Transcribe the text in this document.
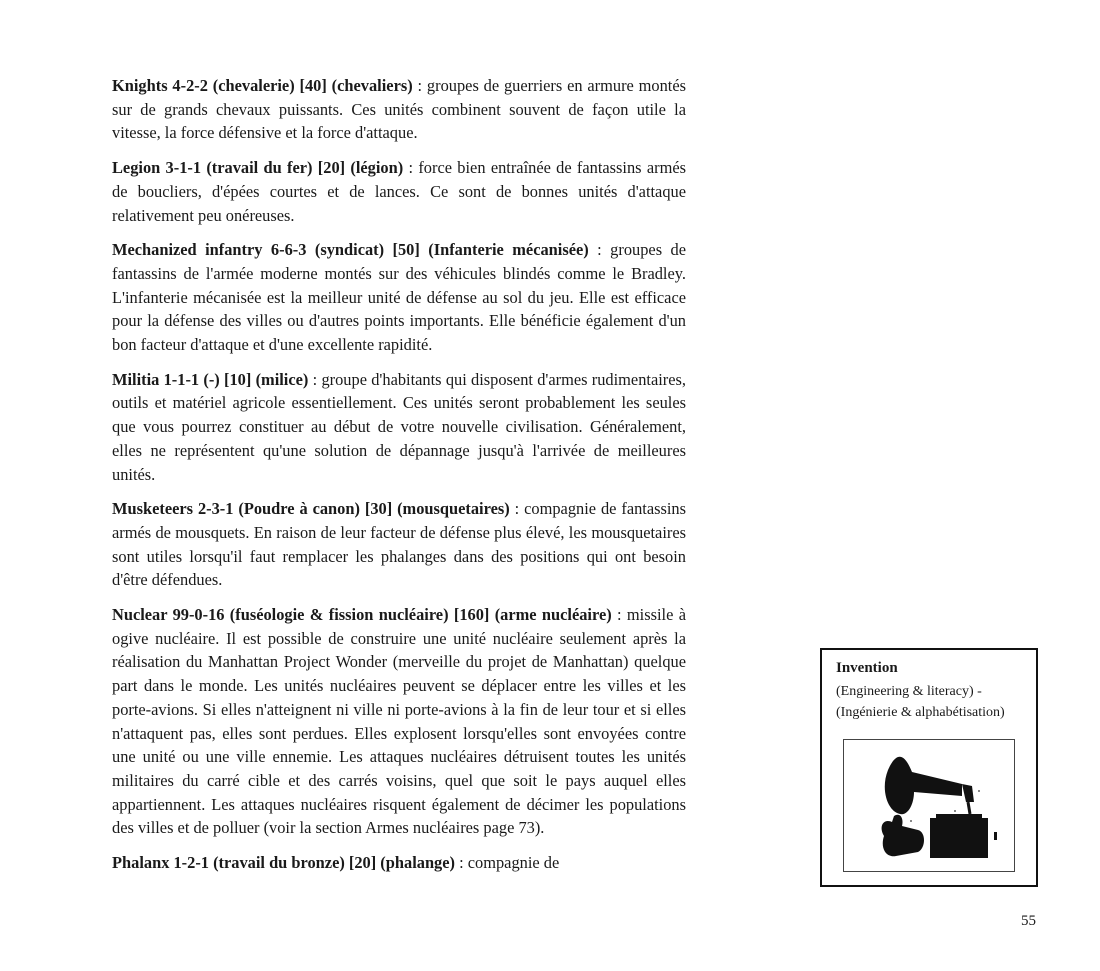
Knights 4-2-2 (chevalerie) [40] (chevaliers) : groupes de guerriers en armure montés sur de grands chevaux puissants. Ces unités combinent souvent de façon utile la vitesse, la force défensive et la force d'attaque.

Legion 3-1-1 (travail du fer) [20] (légion) : force bien entraînée de fantassins armés de boucliers, d'épées courtes et de lances. Ce sont de bonnes unités d'attaque relativement peu onéreuses.

Mechanized infantry 6-6-3 (syndicat) [50] (Infanterie mécanisée) : groupes de fantassins de l'armée moderne montés sur des véhicules blindés comme le Bradley. L'infanterie mécanisée est la meilleur unité de défense au sol du jeu. Elle est efficace pour la défense des villes ou d'autres points importants. Elle bénéficie également d'un bon facteur d'attaque et d'une excellente rapidité.

Militia 1-1-1 (-) [10] (milice) : groupe d'habitants qui disposent d'armes rudimentaires, outils et matériel agricole essentiellement. Ces unités seront probablement les seules que vous pourrez constituer au début de votre nouvelle civilisation. Généralement, elles ne représentent qu'une solution de dépannage jusqu'à l'arrivée de meilleures unités.

Musketeers 2-3-1 (Poudre à canon) [30] (mousquetaires) : compagnie de fantassins armés de mousquets. En raison de leur facteur de défense plus élevé, les mousquetaires sont utiles lorsqu'il faut remplacer les phalanges dans des positions qui ont besoin d'être défendues.

Nuclear 99-0-16 (fuséologie & fission nucléaire) [160] (arme nucléaire) : missile à ogive nucléaire. Il est possible de construire une unité nucléaire seulement après la réalisation du Manhattan Project Wonder (merveille du projet de Manhattan) quelque part dans le monde. Les unités nucléaires peuvent se déplacer entre les villes et les porte-avions. Si elles n'atteignent ni ville ni porte-avions à la fin de leur tour et si elles n'attaquent pas, elles sont perdues. Elles explosent lorsqu'elles sont envoyées contre une unité ou une ville ennemie. Les attaques nucléaires détruisent toutes les unités militaires du carré cible et des carrés voisins, quel que soit le pays auquel elles appartiennent. Les attaques nucléaires risquent également de décimer les populations des villes et de polluer (voir la section Armes nucléaires page 73).

Phalanx 1-2-1 (travail du bronze) [20] (phalange) : compagnie de

Invention
(Engineering & literacy) -
(Ingénierie & alphabétisation)
55
